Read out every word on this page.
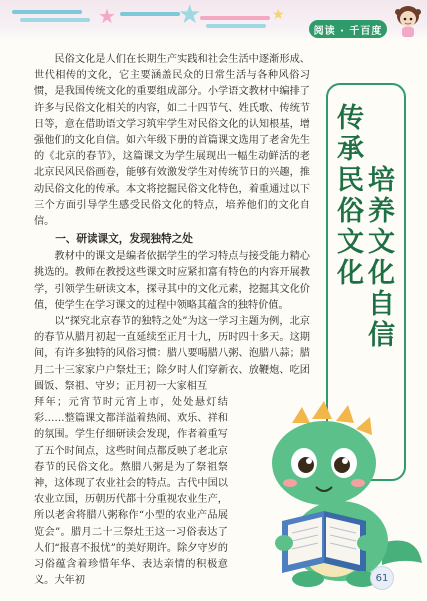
★ ★	★
阅读 · 千百度

民俗文化是人们在长期生产实践和社会生活中逐渐形成、世代相传的文化，它主要涵盖民众的日常生活与各种风俗习惯，是我国传统文化的重要组成部分。小学语文教材中编排了许多与民俗文化相关的内容，如二十四节气、姓氏歌、传统节日等，意在借助语文学习筑牢学生对民俗文化的认知根基，增强他们的文化自信。如六年级下册的首篇课文选用了老舍先生的《北京的春节》，这篇课文为学生展现出一幅生动鲜活的老北京民风民俗画卷，能够有效激发学生对传统节日的兴趣，推动民俗文化的传承。本文将挖掘民俗文化特色，着重通过以下三个方面引导学生感受民俗文化的特点，培养他们的文化自信。

一、研读课文，发现独特之处

教材中的课文是编者依据学生的学习特点与接受能力精心挑选的。教师在教授这些课文时应紧扣富有特色的内容开展教学，引领学生研读文本，探寻其中的文化元素，挖掘其文化价值，使学生在学习课文的过程中领略其蕴含的独特价值。

以“探究北京春节的独特之处”为这一学习主题为例，北京的春节从腊月初起一直延续至正月十九，历时四十多天。这期间，有许多独特的风俗习惯：腊八要喝腊八粥、泡腊八蒜；腊月二十三家家户户祭灶王；除夕时人们穿新衣、放鞭炮、吃团圆饭、祭祖、守岁；正月初一大家相互

拜年；元宵节时元宵上市，处处悬灯结彩……整篇课文都洋溢着热闹、欢乐、祥和的氛围。学生仔细研读会发现，作者着重写了五个时间点，这些时间点都反映了老北京春节的民俗文化。熬腊八粥是为了祭祖祭神，这体现了农业社会的特点。古代中国以农业立国，历朝历代都十分重视农业生产，所以老舍将腊八粥称作“小型的农业产品展览会”。腊月二十三祭灶王这一习俗表达了人们“报喜不报忧”的美好期许。除夕守岁的习俗蕴含着珍惜年华、表达亲情的积极意义。大年初

传
承
民
俗
文
化
培
养
文
化
自
信
61
